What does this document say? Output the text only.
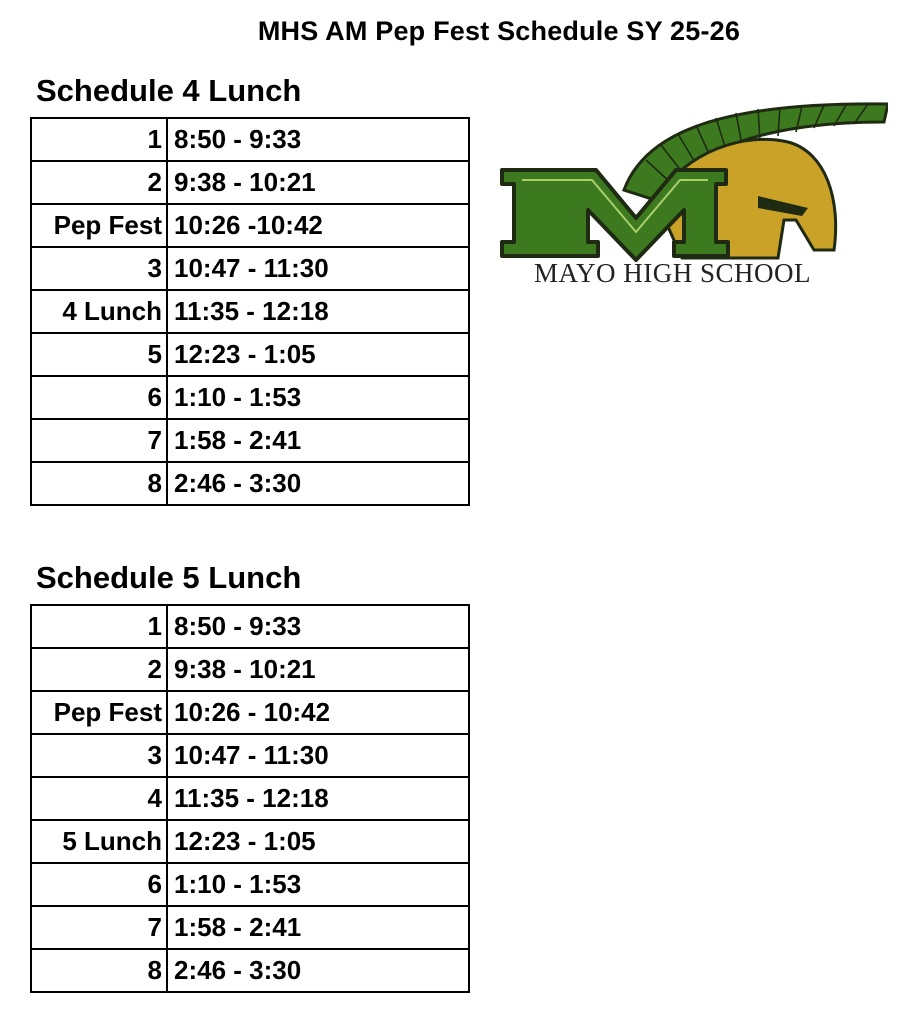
MHS AM Pep Fest Schedule SY 25-26
Schedule 4 Lunch
1	8:50 - 9:33
2	9:38 - 10:21
Pep Fest	10:26 -10:42
3	10:47 - 11:30
4 Lunch	11:35 - 12:18
5	12:23 - 1:05
6	1:10 - 1:53
7	1:58 - 2:41
8	2:46 - 3:30
Schedule 5 Lunch
1	8:50 - 9:33
2	9:38 - 10:21
Pep Fest	10:26 - 10:42
3	10:47 - 11:30
4	11:35 - 12:18
5 Lunch	12:23 - 1:05
6	1:10 - 1:53
7	1:58 - 2:41
8	2:46 - 3:30
MAYO HIGH SCHOOL
